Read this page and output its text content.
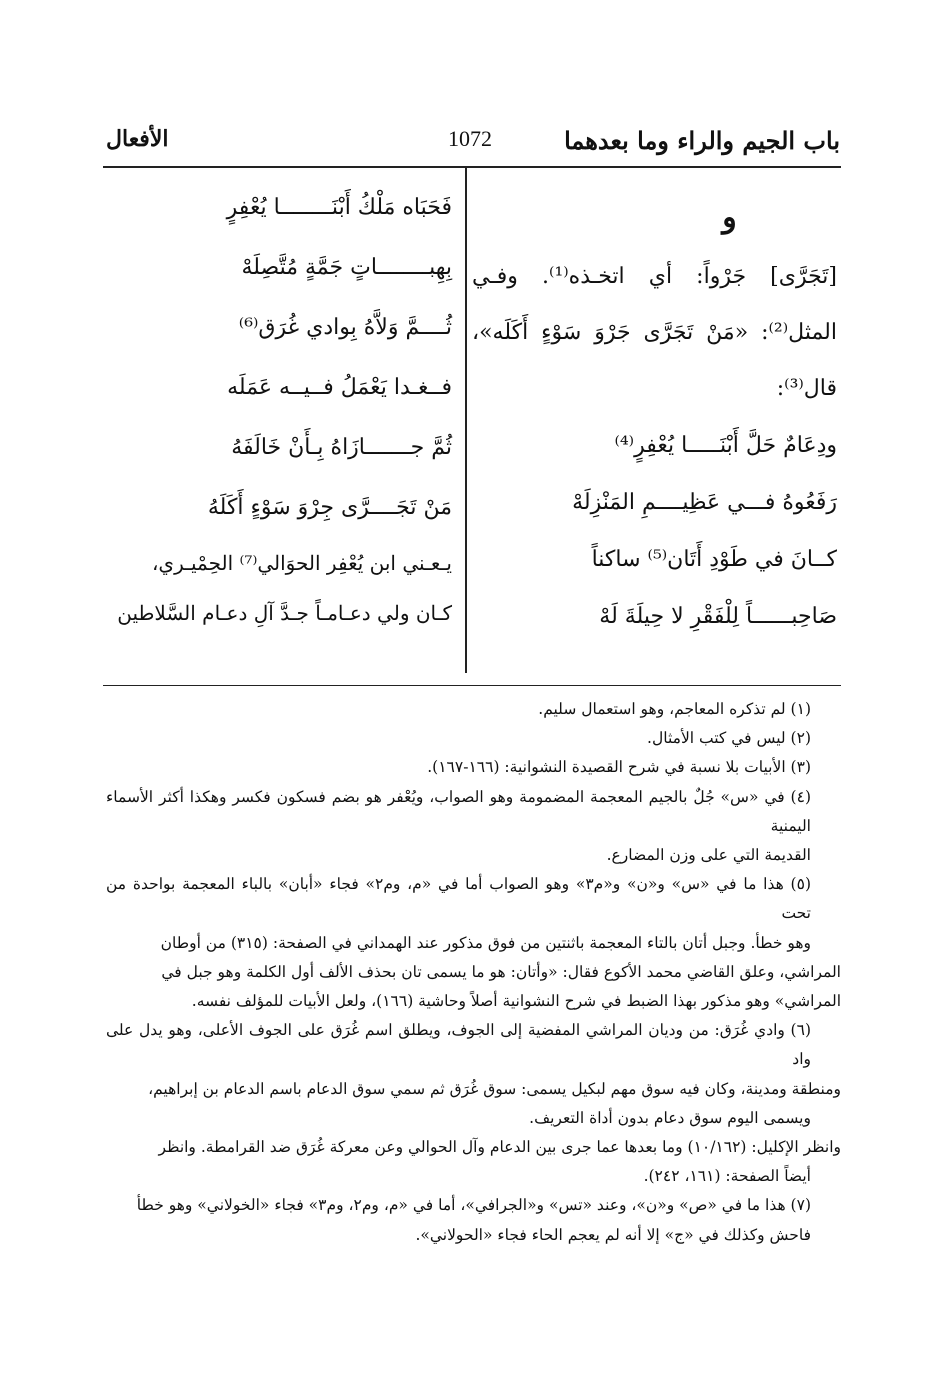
باب الجيم والراء وما بعدهما
1072
الأفعال
و
[تَجَرَّى] جَرْواً: أي اتخـذه⁽¹⁾. وفـي المثل⁽²⁾: «مَنْ تَجَرَّى جَرْوَ سَوْءٍ أَكَلَه»، قال⁽³⁾:
ودِعَامٌ حَلَّ أَبْنَـــــا يُعْفِرٍ⁽⁴⁾
رَفَعُوهُ فـــي عَظِيــــمِ المَنْزِلَهْ
كــانَ في طَوْدِ أَتَان⁽⁵⁾ ساكناً
صَاحِبــــــاً لِلْفَقْرِ لا حِيلَةَ لَهْ
فَحَبَاه مَلْكُ أَبْنَــــــــا يُعْفِرٍ
بِهِبــــــــاتٍ جَمَّةٍ مُتَّصِلَهْ
ثُــــمَّ وَلاَّهُ بِوادي غُرَق⁽⁶⁾
فــغـدا يَعْمَلُ فــيــه عَمَلَه
ثُمَّ جـــــــازَاهُ بِـأَنْ خَالَفَهُ
مَنْ تَجَــــرَّى جِرْوَ سَوْءٍ أَكَلَهُ
يـعـني ابن يُعْفِر الحوَالي⁽⁷⁾ الحِمْيـري،
كـان ولي دعـامـاً جـدَّ آلِ دعـام السَّلاطين
(١) لم تذكره المعاجم، وهو استعمال سليم.
(٢) ليس في كتب الأمثال.
(٣) الأبيات بلا نسبة في شرح القصيدة النشوانية: (١٦٦-١٦٧).
(٤) في «س» جُلٌ بالجيم المعجمة المضمومة وهو الصواب، ويُعْفر هو بضم فسكون فكسر وهكذا أكثر الأسماء اليمنية
القديمة التي على وزن المضارع.
(٥) هذا ما في «س» و«ن» و«م٣» وهو الصواب أما في «م، وم٢» فجاء «أبان» بالباء المعجمة بواحدة من تحت
وهو خطأ. وجبل أتان بالتاء المعجمة باثنتين من فوق مذكور عند الهمداني في الصفحة: (٣١٥) من أوطان
المراشي، وعلق القاضي محمد الأكوع فقال: «وأتان: هو ما يسمى تان بحذف الألف أول الكلمة وهو جبل في
المراشي» وهو مذكور بهذا الضبط في شرح النشوانية أصلاً وحاشية (١٦٦)، ولعل الأبيات للمؤلف نفسه.
(٦) وادي غُرَق: من وديان المراشي المفضية إلى الجوف، ويطلق اسم غُرَق على الجوف الأعلى، وهو يدل على واد
ومنطقة ومدينة، وكان فيه سوق مهم لبكيل يسمى: سوق غُرَق ثم سمي سوق الدعام باسم الدعام بن إبراهيم،
ويسمى اليوم سوق دعام بدون أداة التعريف.
وانظر الإكليل: (١٠/١٦٢) وما بعدها عما جرى بين الدعام وآل الحوالي وعن معركة غُرَق ضد القرامطة. وانظر
أيضاً الصفحة: (١٦١، ٢٤٢).
(٧) هذا ما في «ص» و«ن»، وعند «تس» و«الجرافي»، أما في «م، وم٢، وم٣» فجاء «الخولاني» وهو خطأ
فاحش وكذلك في «ج» إلا أنه لم يعجم الحاء فجاء «الحولاني».
